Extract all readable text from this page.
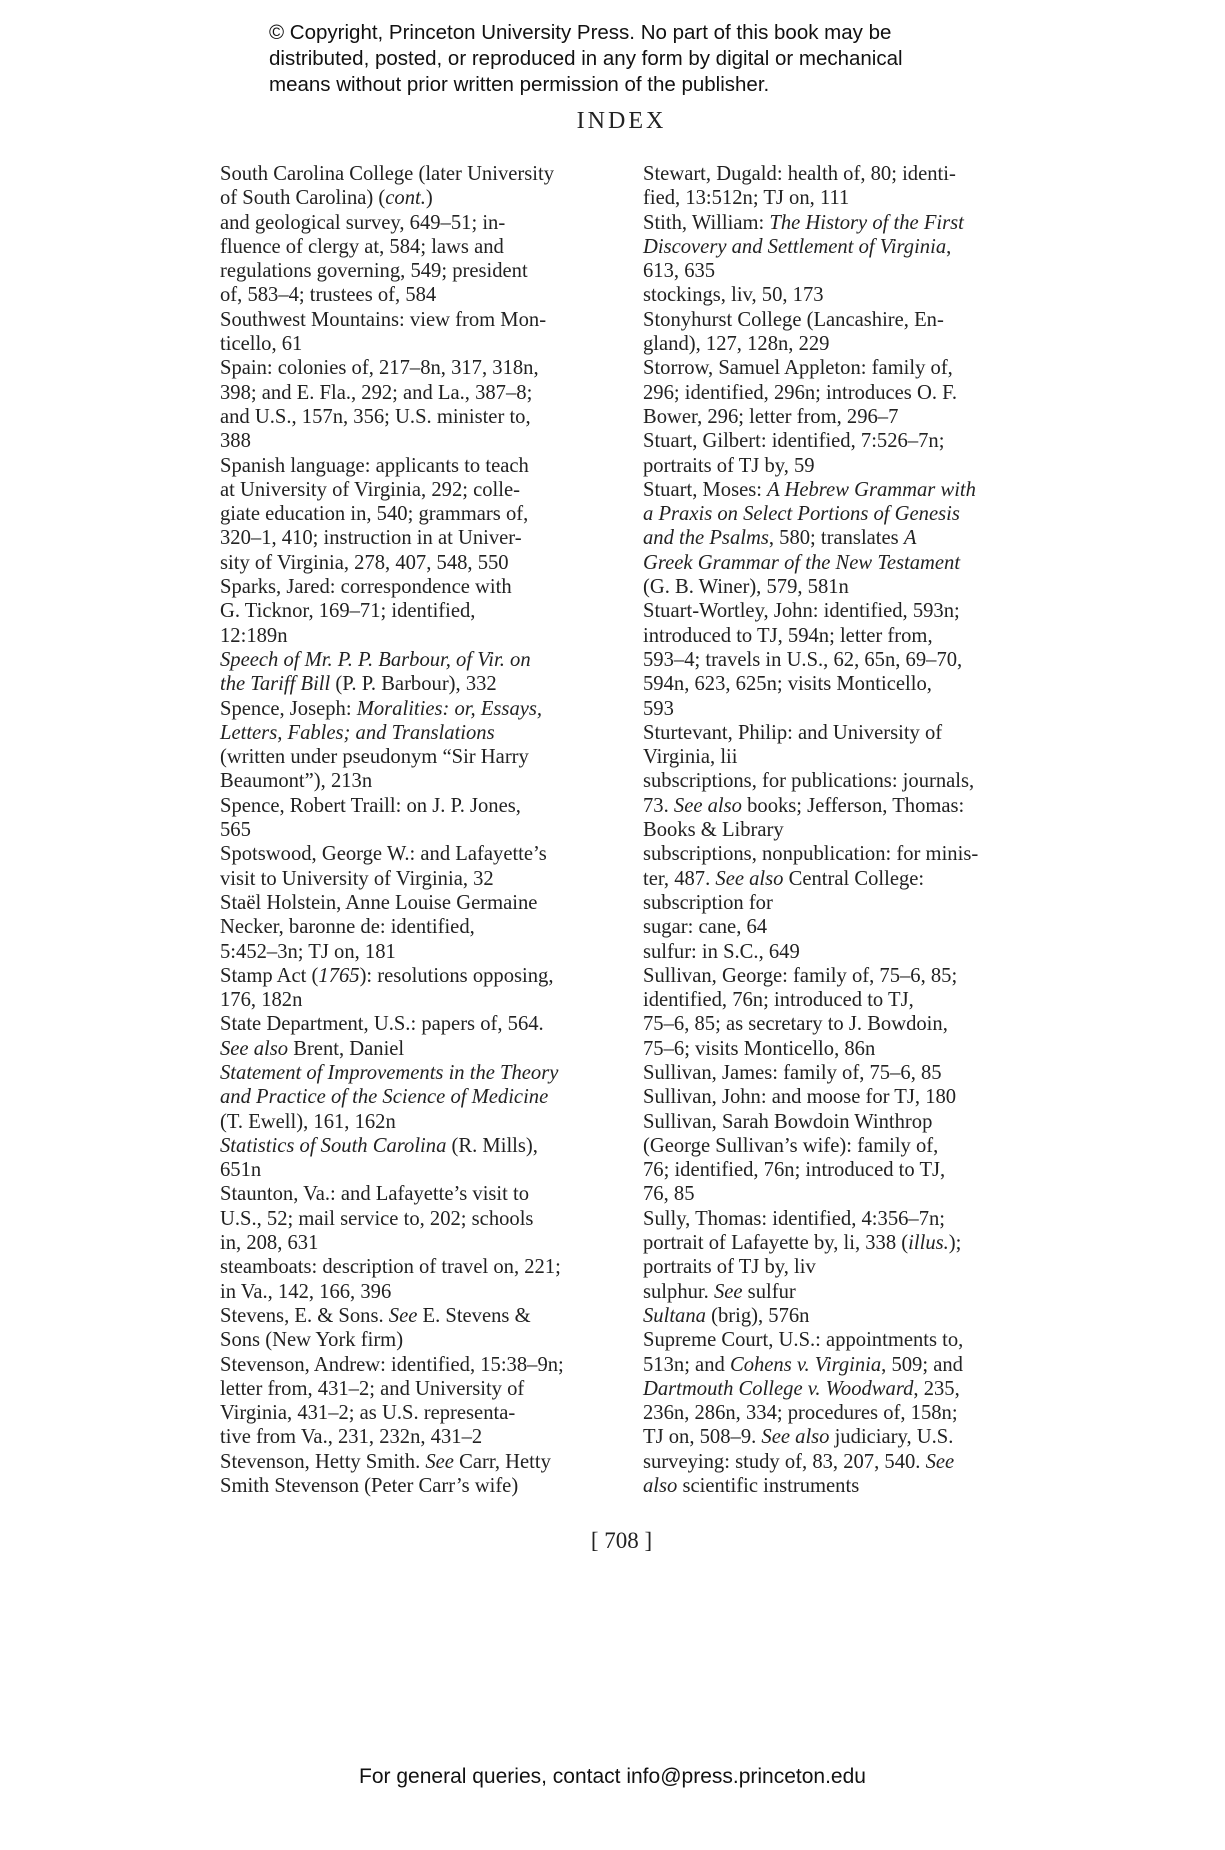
© Copyright, Princeton University Press. No part of this book may be
distributed, posted, or reproduced in any form by digital or mechanical
means without prior written permission of the publisher.
INDEX
South Carolina College (later University
of South Carolina) (cont.)
and geological survey, 649–51; in-
fluence of clergy at, 584; laws and
regulations governing, 549; president
of, 583–4; trustees of, 584
Southwest Mountains: view from Mon-
ticello, 61
Spain: colonies of, 217–8n, 317, 318n,
398; and E. Fla., 292; and La., 387–8;
and U.S., 157n, 356; U.S. minister to,
388
Spanish language: applicants to teach
at University of Virginia, 292; colle-
giate education in, 540; grammars of,
320–1, 410; instruction in at Univer-
sity of Virginia, 278, 407, 548, 550
Sparks, Jared: correspondence with
G. Ticknor, 169–71; identified,
12:189n
Speech of Mr. P. P. Barbour, of Vir. on
the Tariff Bill (P. P. Barbour), 332
Spence, Joseph: Moralities: or, Essays,
Letters, Fables; and Translations
(written under pseudonym “Sir Harry
Beaumont”), 213n
Spence, Robert Traill: on J. P. Jones,
565
Spotswood, George W.: and Lafayette’s
visit to University of Virginia, 32
Staël Holstein, Anne Louise Germaine
Necker, baronne de: identified,
5:452–3n; TJ on, 181
Stamp Act (1765): resolutions opposing,
176, 182n
State Department, U.S.: papers of, 564.
See also Brent, Daniel
Statement of Improvements in the Theory
and Practice of the Science of Medicine
(T. Ewell), 161, 162n
Statistics of South Carolina (R. Mills),
651n
Staunton, Va.: and Lafayette’s visit to
U.S., 52; mail service to, 202; schools
in, 208, 631
steamboats: description of travel on, 221;
in Va., 142, 166, 396
Stevens, E. & Sons. See E. Stevens &
Sons (New York firm)
Stevenson, Andrew: identified, 15:38–9n;
letter from, 431–2; and University of
Virginia, 431–2; as U.S. representa-
tive from Va., 231, 232n, 431–2
Stevenson, Hetty Smith. See Carr, Hetty
Smith Stevenson (Peter Carr’s wife)
Stewart, Dugald: health of, 80; identi-
fied, 13:512n; TJ on, 111
Stith, William: The History of the First
Discovery and Settlement of Virginia,
613, 635
stockings, liv, 50, 173
Stonyhurst College (Lancashire, En-
gland), 127, 128n, 229
Storrow, Samuel Appleton: family of,
296; identified, 296n; introduces O. F.
Bower, 296; letter from, 296–7
Stuart, Gilbert: identified, 7:526–7n;
portraits of TJ by, 59
Stuart, Moses: A Hebrew Grammar with
a Praxis on Select Portions of Genesis
and the Psalms, 580; translates A
Greek Grammar of the New Testament
(G. B. Winer), 579, 581n
Stuart-Wortley, John: identified, 593n;
introduced to TJ, 594n; letter from,
593–4; travels in U.S., 62, 65n, 69–70,
594n, 623, 625n; visits Monticello,
593
Sturtevant, Philip: and University of
Virginia, lii
subscriptions, for publications: journals,
73. See also books; Jefferson, Thomas:
Books & Library
subscriptions, nonpublication: for minis-
ter, 487. See also Central College:
subscription for
sugar: cane, 64
sulfur: in S.C., 649
Sullivan, George: family of, 75–6, 85;
identified, 76n; introduced to TJ,
75–6, 85; as secretary to J. Bowdoin,
75–6; visits Monticello, 86n
Sullivan, James: family of, 75–6, 85
Sullivan, John: and moose for TJ, 180
Sullivan, Sarah Bowdoin Winthrop
(George Sullivan’s wife): family of,
76; identified, 76n; introduced to TJ,
76, 85
Sully, Thomas: identified, 4:356–7n;
portrait of Lafayette by, li, 338 (illus.);
portraits of TJ by, liv
sulphur. See sulfur
Sultana (brig), 576n
Supreme Court, U.S.: appointments to,
513n; and Cohens v. Virginia, 509; and
Dartmouth College v. Woodward, 235,
236n, 286n, 334; procedures of, 158n;
TJ on, 508–9. See also judiciary, U.S.
surveying: study of, 83, 207, 540. See
also scientific instruments
[ 708 ]
For general queries, contact info@press.princeton.edu
